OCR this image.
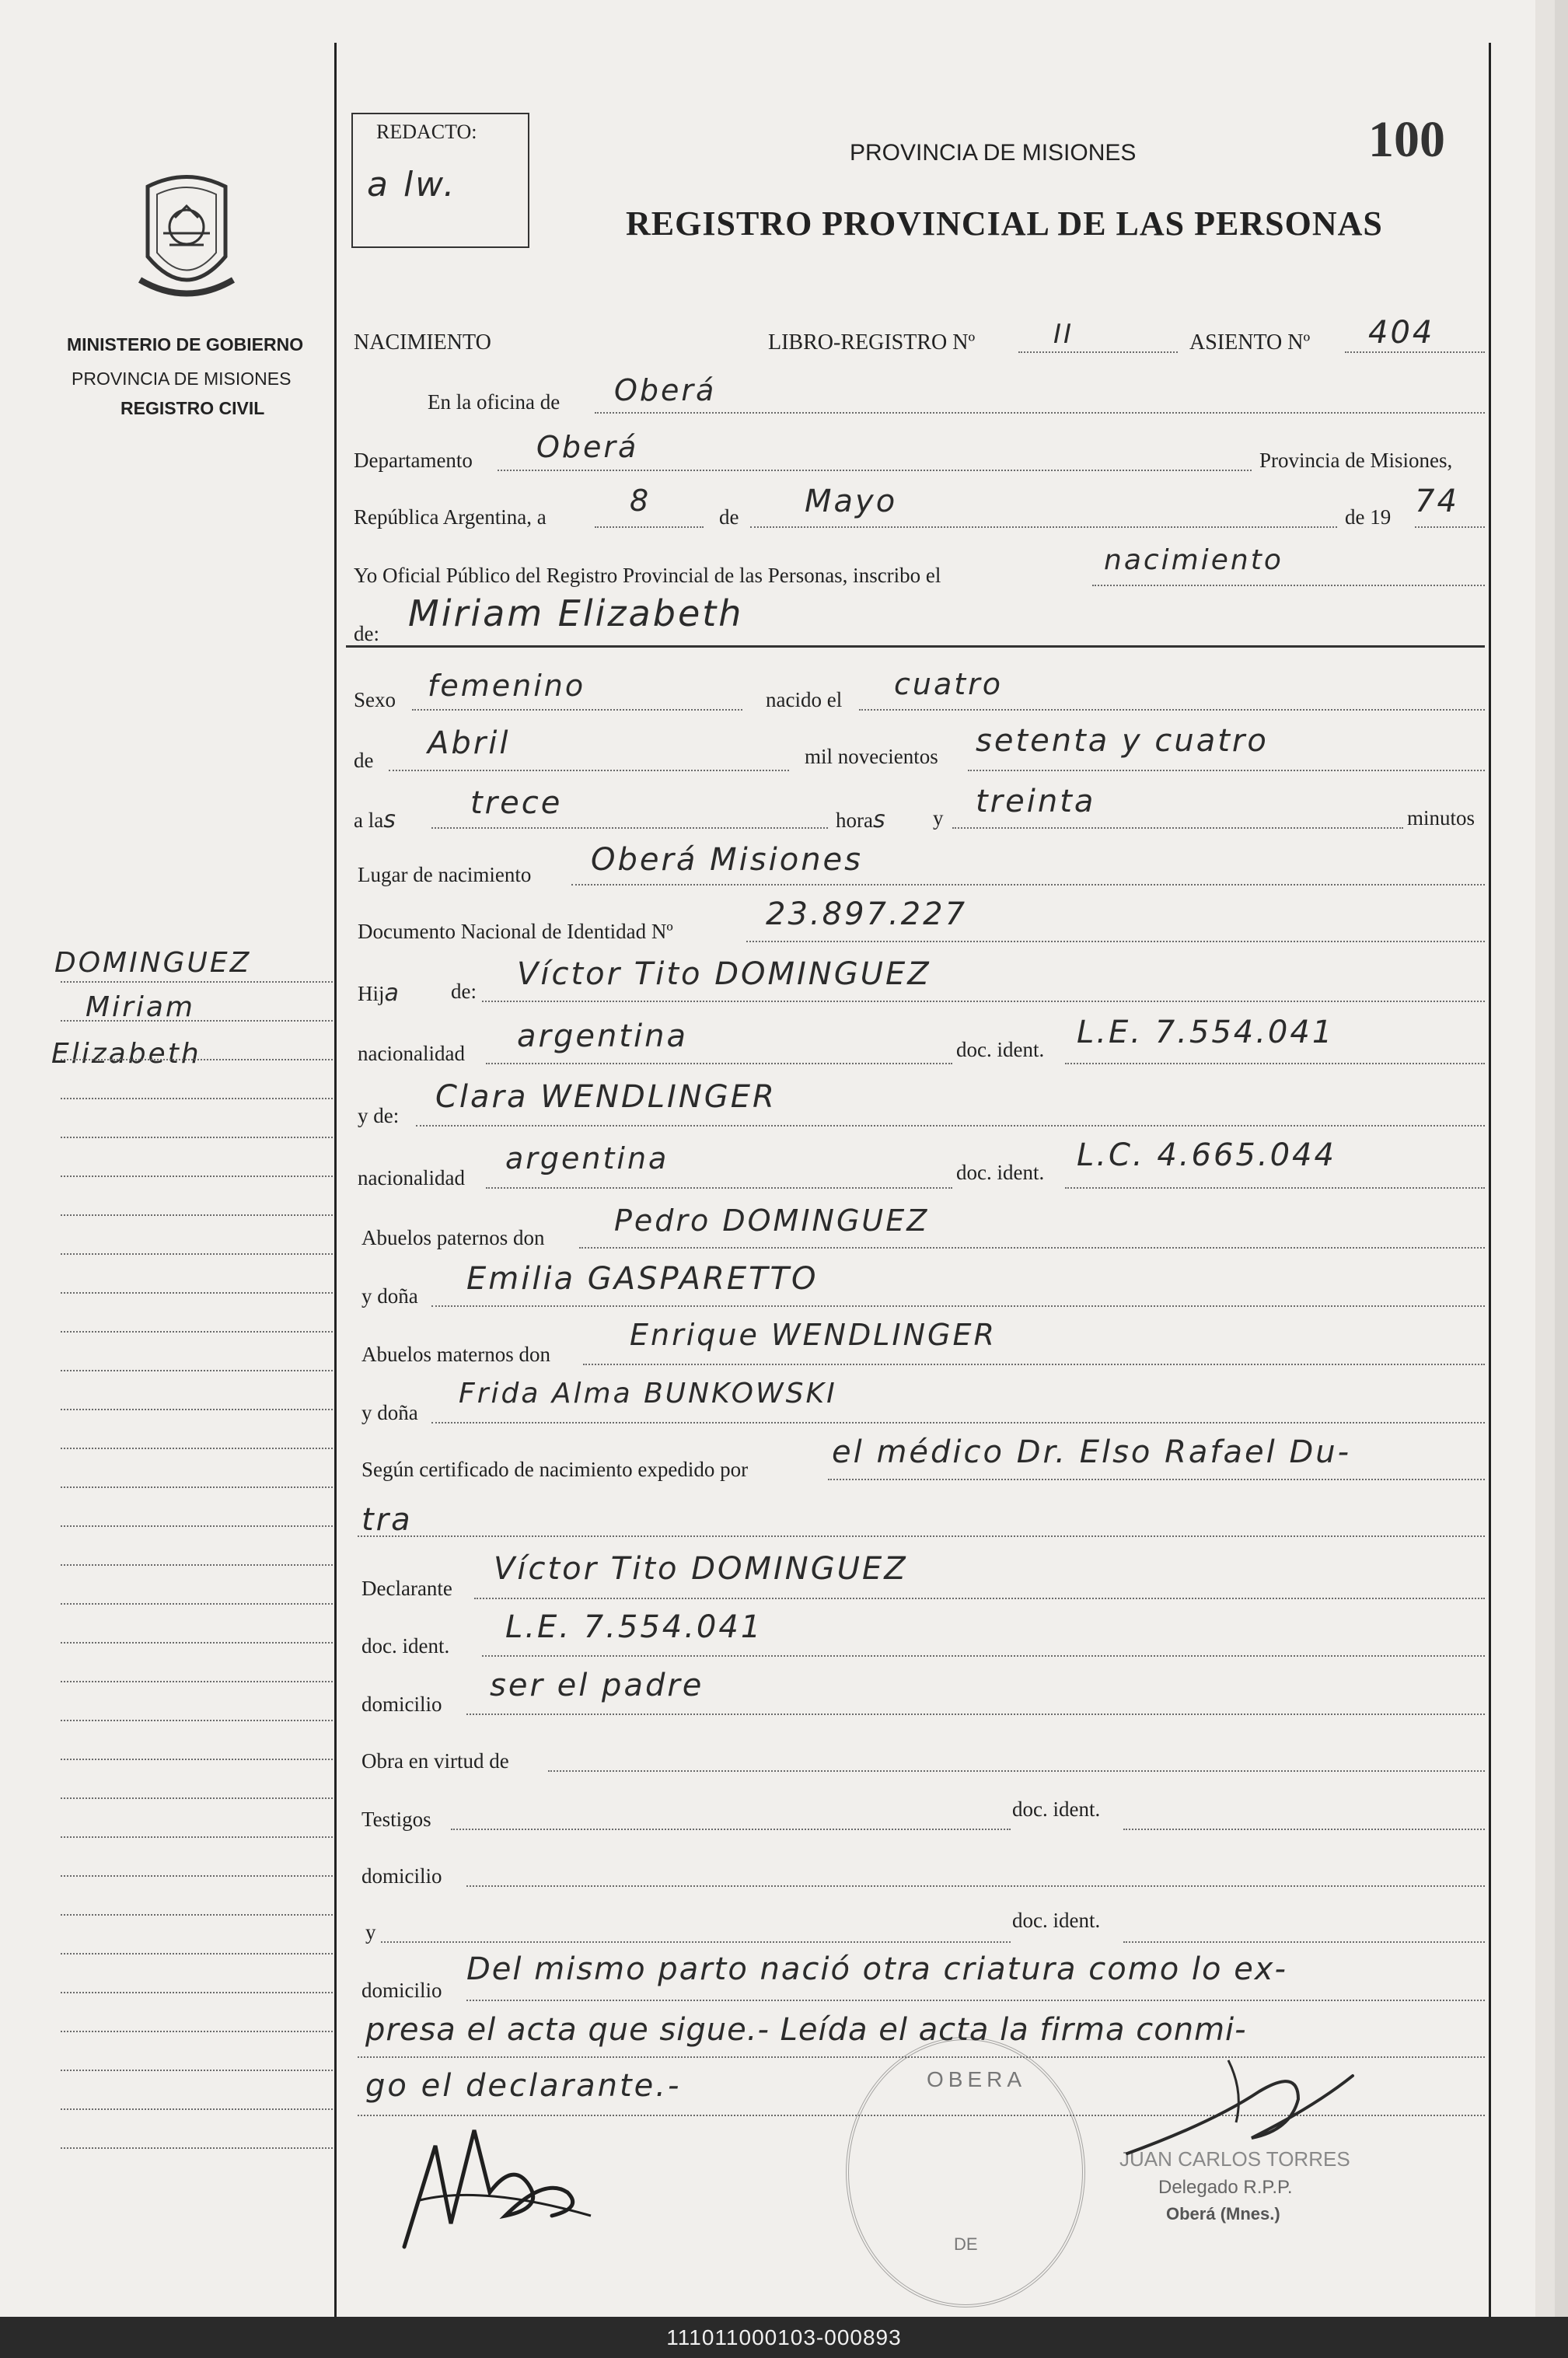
REDACTO:
a lw.
PROVINCIA DE MISIONES
REGISTRO PROVINCIAL DE LAS PERSONAS
100
MINISTERIO DE GOBIERNO
PROVINCIA DE MISIONES
REGISTRO CIVIL
DOMINGUEZ
Miriam
Elizabeth
NACIMIENTO	LIBRO-REGISTRO Nº	II	ASIENTO Nº 404
En la oficina de Oberá
Departamento Oberá	Provincia de Misiones,
República Argentina, a	8	de Mayo	de 19 74
Yo Oficial Público del Registro Provincial de las Personas, inscribo el	nacimiento
de: Miriam Elizabeth
Sexo femenino	nacido el cuatro
de Abril	mil novecientos setenta y cuatro
a las trece	horas y treinta	minutos
Lugar de nacimiento Oberá Misiones
Documento Nacional de Identidad Nº	23.897.227
Hija de: Víctor Tito DOMINGUEZ
nacionalidad argentina	doc. ident. L.E. 7.554.041
y de:
Clara WENDLINGER
nacionalidad
argentina	doc. ident. L.C. 4.665.044
Abuelos paternos don Pedro DOMINGUEZ
y doña Emilia GASPARETTO
Abuelos maternos don
Enrique WENDLINGER
y doña
Frida Alma BUNKOWSKI
Según certificado de nacimiento expedido por	el médico Dr. Elso Rafael Du-
tra
Declarante
Víctor Tito DOMINGUEZ
doc. ident.
L.E. 7.554.041
domicilio
ser el padre
Obra en virtud de
Testigos	doc. ident.
domicilio
y	doc. ident.
domicilio
Del mismo parto nació otra criatura como lo ex-
presa el acta que sigue.- Leída el acta la firma conmi-
go el declarante.-	OBERA
DE
JUAN CARLOS TORRES
Delegado R.P.P.
Oberá (Mnes.)
111011000103-000893
